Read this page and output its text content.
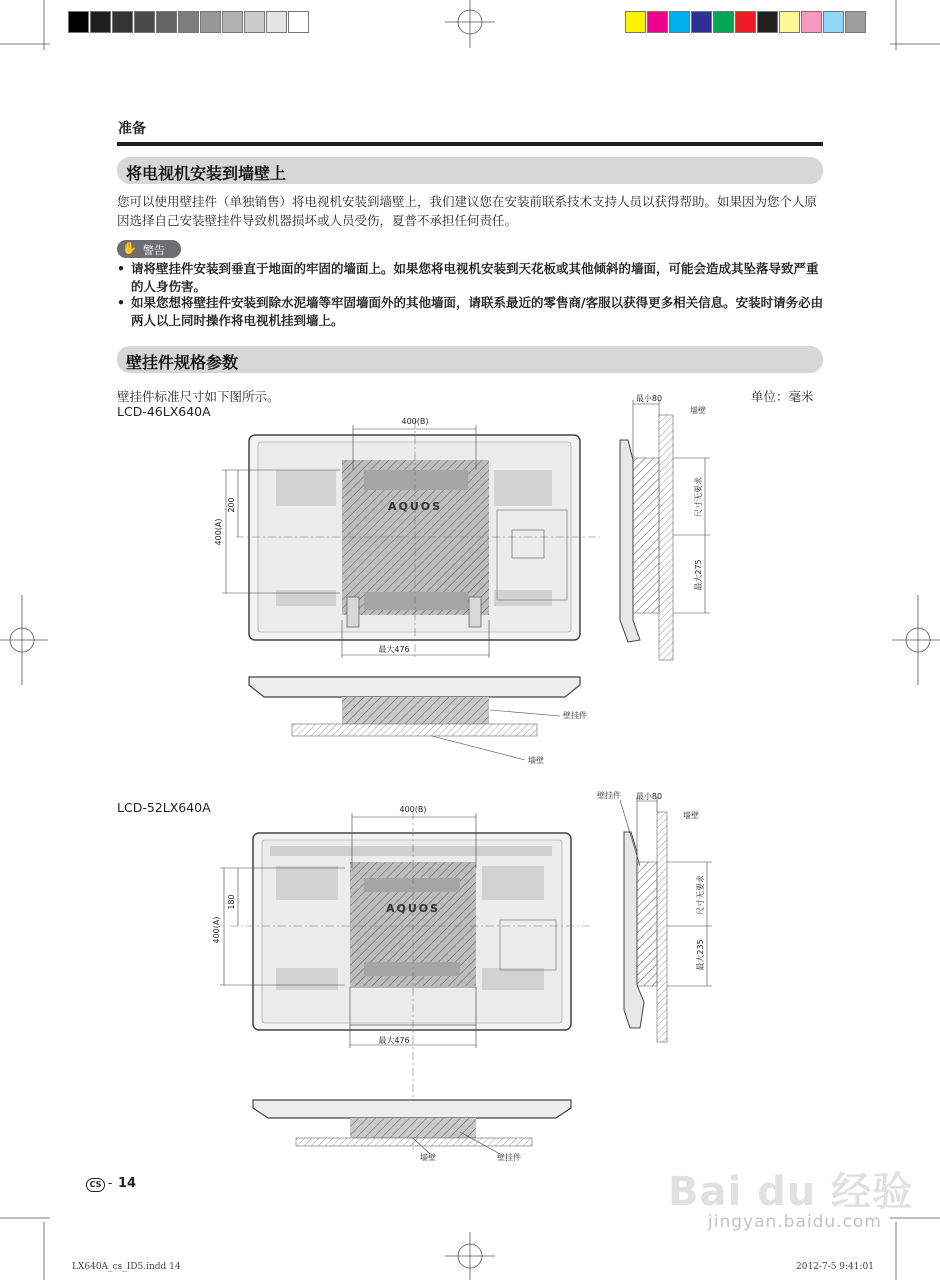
准备
将电视机安装到墙壁上
您可以使用壁挂件（单独销售）将电视机安装到墙壁上，我们建议您在安装前联系技术支持人员以获得帮助。如果因为您个人原因选择自己安装壁挂件导致机器损坏或人员受伤，夏普不承担任何责任。
✋ 警告
• 请将壁挂件安装到垂直于地面的牢固的墙面上。如果您将电视机安装到天花板或其他倾斜的墙面，可能会造成其坠落导致严重的人身伤害。
• 如果您想将壁挂件安装到除水泥墙等牢固墙面外的其他墙面，请联系最近的零售商/客服以获得更多相关信息。安装时请务必由两人以上同时操作将电视机挂到墙上。
壁挂件规格参数
壁挂件标准尺寸如下图所示。	单位：毫米
LCD-46LX640A
LCD-52LX640A
AQUOS
400(B)
400(A)
200
最大476
最小80
墙壁
尺寸无要求
最大275
壁挂件
墙壁
AQUOS
400(B)
400(A)
180
最大476
壁挂件 最小80
墙壁
尺寸无要求
最大235
墙壁	壁挂件
CS - 14	Bai du 经验
jingyan.baidu.com
LX640A_cs_ID5.indd 14	2012-7-5 9:41:01
